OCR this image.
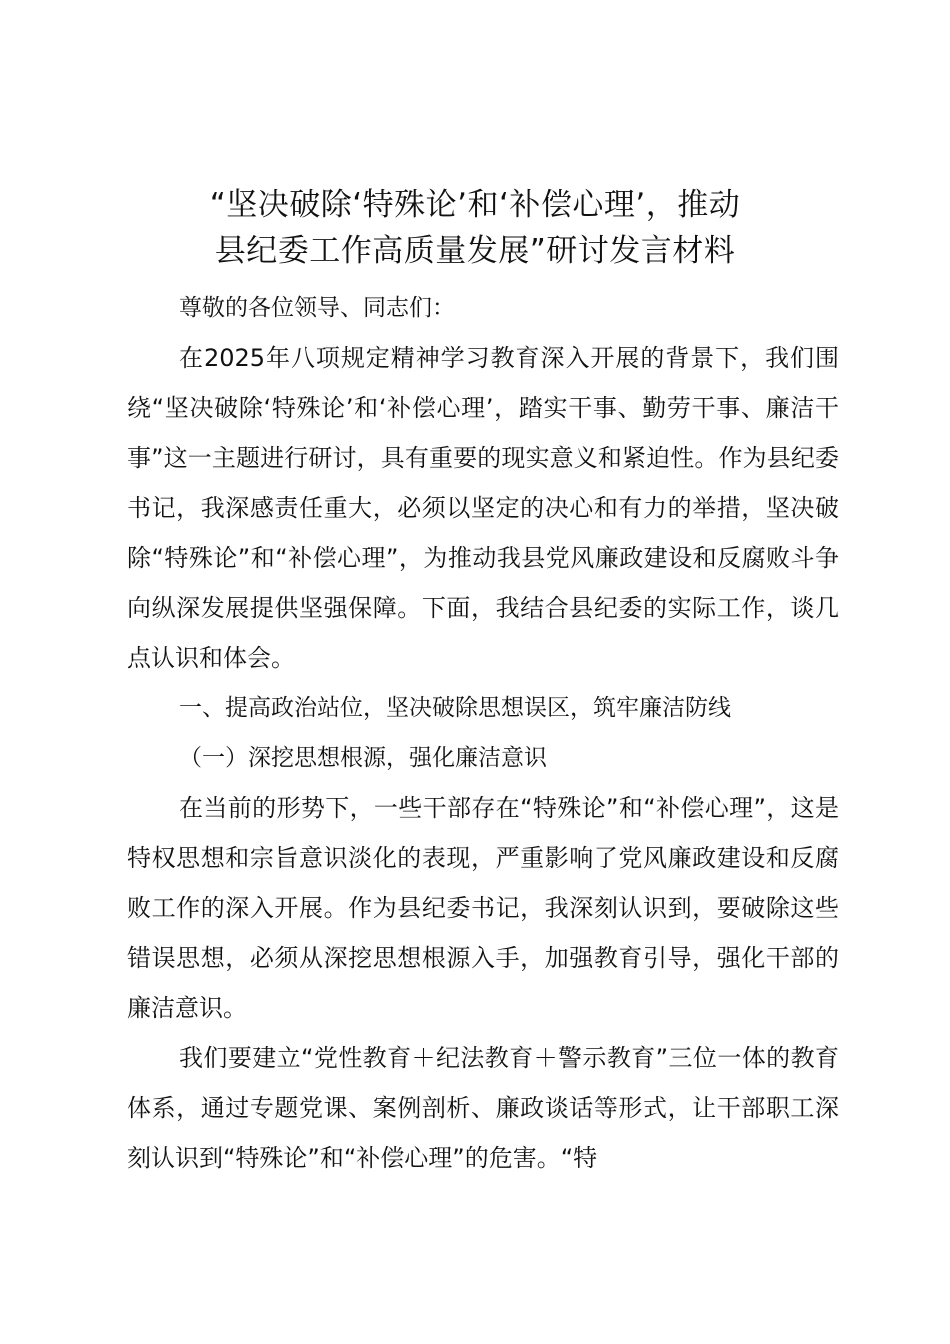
“坚决破除‘特殊论’和‘补偿心理’，推动
县纪委工作高质量发展”研讨发言材料

尊敬的各位领导、同志们：

在2025年八项规定精神学习教育深入开展的背景下，我们围绕“坚决破除‘特殊论’和‘补偿心理’，踏实干事、勤劳干事、廉洁干事”这一主题进行研讨，具有重要的现实意义和紧迫性。作为县纪委书记，我深感责任重大，必须以坚定的决心和有力的举措，坚决破除“特殊论”和“补偿心理”，为推动我县党风廉政建设和反腐败斗争向纵深发展提供坚强保障。下面，我结合县纪委的实际工作，谈几点认识和体会。

一、提高政治站位，坚决破除思想误区，筑牢廉洁防线

（一）深挖思想根源，强化廉洁意识

在当前的形势下，一些干部存在“特殊论”和“补偿心理”，这是特权思想和宗旨意识淡化的表现，严重影响了党风廉政建设和反腐败工作的深入开展。作为县纪委书记，我深刻认识到，要破除这些错误思想，必须从深挖思想根源入手，加强教育引导，强化干部的廉洁意识。

我们要建立“党性教育＋纪法教育＋警示教育”三位一体的教育体系，通过专题党课、案例剖析、廉政谈话等形式，让干部职工深刻认识到“特殊论”和“补偿心理”的危害。“特
